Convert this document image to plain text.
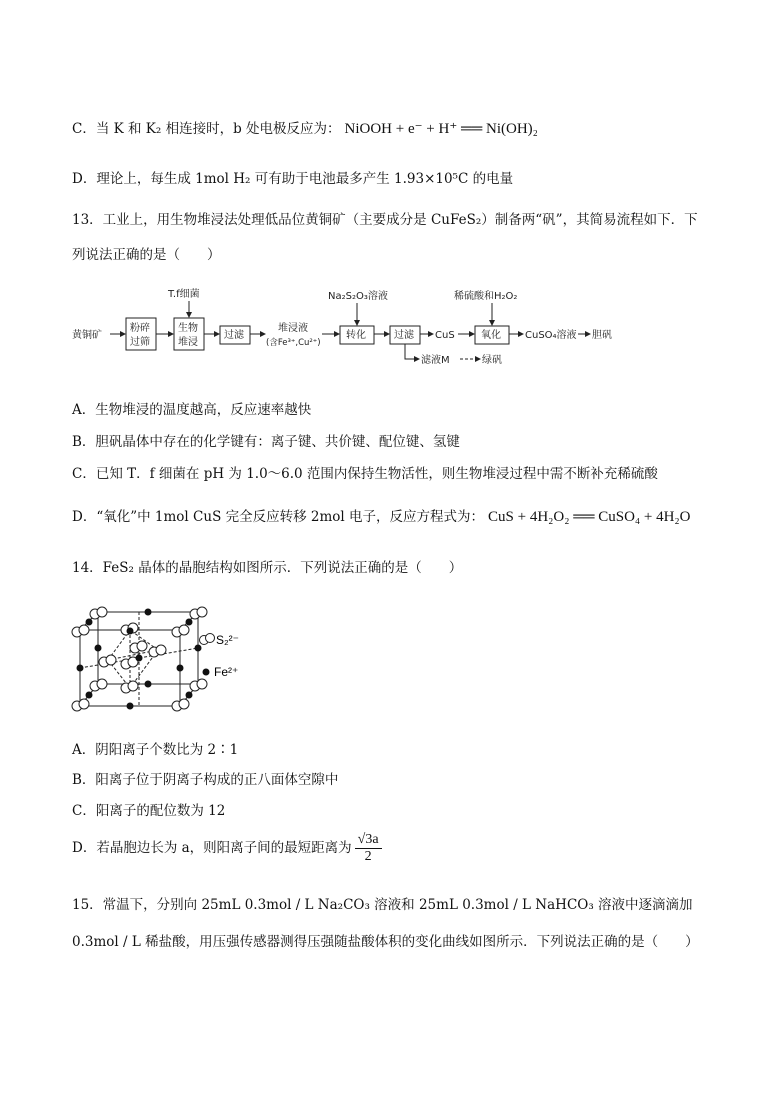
C．当 K 和 K₂ 相连接时，b 处电极反应为： NiOOH + e⁻ + H⁺ ══ Ni(OH)₂
D．理论上，每生成 1mol H₂ 可有助于电池最多产生 1.93×10⁵C 的电量
13．工业上，用生物堆浸法处理低品位黄铜矿（主要成分是 CuFeS₂）制备两“矾”，其简易流程如下．下
列说法正确的是（　　）
黄铜矿
粉碎
过筛
T.f细菌
生物
堆浸
过滤
堆浸液
(含Fe³⁺,Cu²⁺)
Na₂S₂O₃溶液
转化	过滤 CuS
稀硫酸和H₂O₂
氧化 CuSO₄溶液 胆矾
滤液M	绿矾
A．生物堆浸的温度越高，反应速率越快
B．胆矾晶体中存在的化学键有：离子键、共价键、配位键、氢键
C．已知 T．f 细菌在 pH 为 1.0～6.0 范围内保持生物活性，则生物堆浸过程中需不断补充稀硫酸
D．“氧化”中 1mol CuS 完全反应转移 2mol 电子，反应方程式为： CuS + 4H₂O₂ ══ CuSO₄ + 4H₂O
14．FeS₂ 晶体的晶胞结构如图所示．下列说法正确的是（　　）
S₂²⁻
Fe²⁺
A．阴阳离子个数比为 2∶1
B．阳离子位于阴离子构成的正八面体空隙中
C．阳离子的配位数为 12
D．若晶胞边长为 a，则阳离子间的最短距离为 $\frac{√3a}{2}$
15．常温下，分别向 25mL 0.3mol / L Na₂CO₃ 溶液和 25mL 0.3mol / L NaHCO₃ 溶液中逐滴滴加
0.3mol / L 稀盐酸，用压强传感器测得压强随盐酸体积的变化曲线如图所示．下列说法正确的是（　　）
